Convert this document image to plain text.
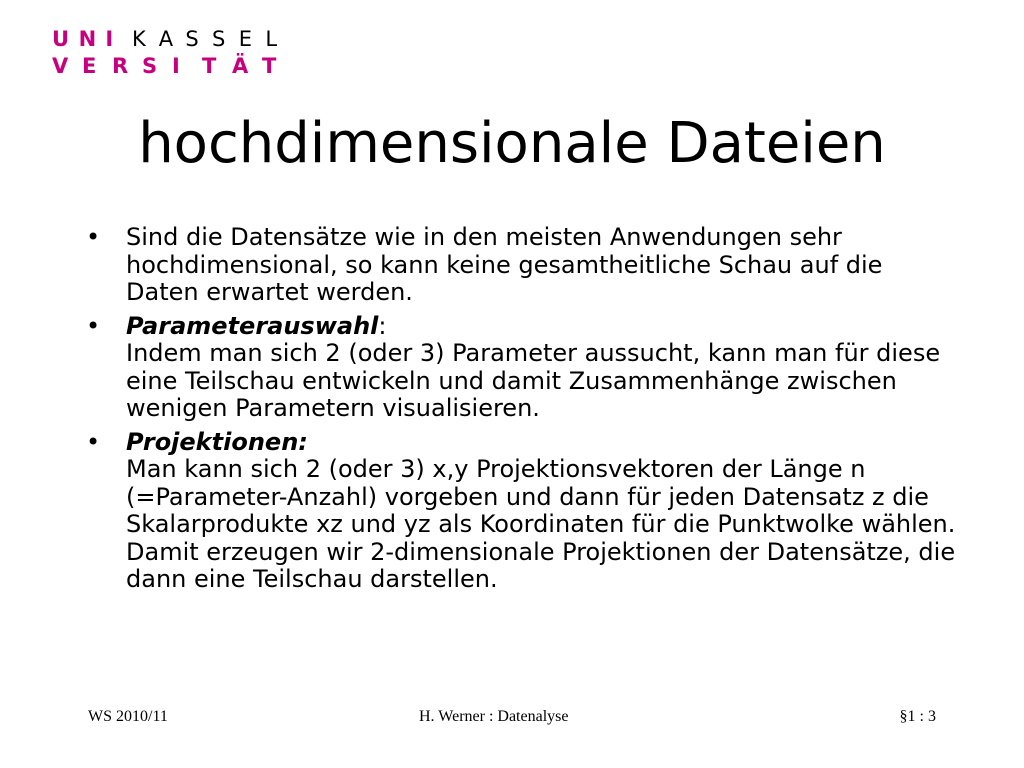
U N I K A S S E L
V E R S I	T Ä T
hochdimensionale Dateien
• Sind die Datensätze wie in den meisten Anwendungen sehr hochdimensional, so kann keine gesamtheitliche Schau auf die Daten erwartet werden.
• Parameterauswahl:
Indem man sich 2 (oder 3) Parameter aussucht, kann man für diese eine Teilschau entwickeln und damit Zusammenhänge zwischen wenigen Parametern visualisieren.
• Projektionen:
Man kann sich 2 (oder 3) x,y Projektionsvektoren der Länge n (=Parameter-Anzahl) vorgeben und dann für jeden Datensatz z die Skalarprodukte xz und yz als Koordinaten für die Punktwolke wählen. Damit erzeugen wir 2-dimensionale Projektionen der Datensätze, die dann eine Teilschau darstellen.
WS 2010/11	H. Werner : Datenalyse	§1 : 3
